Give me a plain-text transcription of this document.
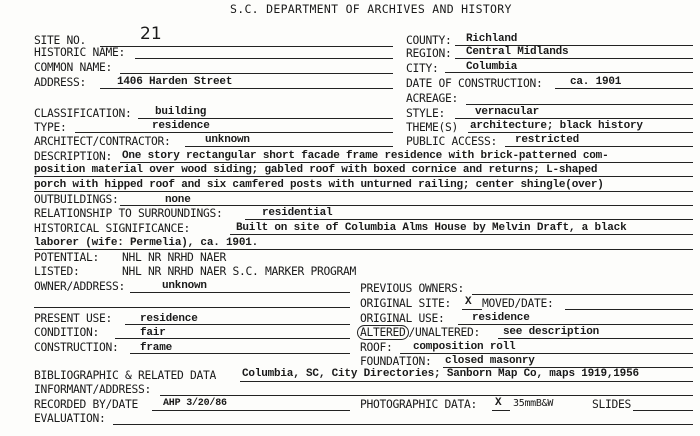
S.C. DEPARTMENT OF ARCHIVES AND HISTORY
SITE NO.	21
HISTORIC NAME:
COMMON NAME:
ADDRESS:	1406 Harden Street
COUNTY: Richland
REGION: Central Midlands
CITY: Columbia
DATE OF CONSTRUCTION: ca. 1901
ACREAGE:
CLASSIFICATION: building
TYPE:	residence
ARCHITECT/CONTRACTOR:	unknown
STYLE:	vernacular
THEME(S) architecture; black history
PUBLIC ACCESS: restricted
DESCRIPTION: One story rectangular short facade frame residence with brick-patterned com-
position material over wood siding; gabled roof with boxed cornice and returns; L-shaped
porch with hipped roof and six camfered posts with unturned railing; center shingle(over)
OUTBUILDINGS:	none
RELATIONSHIP TO SURROUNDINGS:	residential
HISTORICAL SIGNIFICANCE:	Built on site of Columbia Alms House by Melvin Draft, a black
laborer (wife: Permelia), ca. 1901.
POTENTIAL: NHL NR NRHD NAER
LISTED:	NHL NR NRHD NAER S.C. MARKER PROGRAM
OWNER/ADDRESS:	unknown	PREVIOUS OWNERS:
ORIGINAL SITE: X MOVED/DATE:
PRESENT USE:	residence	ORIGINAL USE: residence
CONDITION:	fair	ALTERED /UNALTERED: see description
CONSTRUCTION: frame	ROOF: composition roll
FOUNDATION: closed masonry
BIBLIOGRAPHIC & RELATED DATA Columbia, SC, City Directories; Sanborn Map Co, maps 1919,1956
INFORMANT/ADDRESS:
RECORDED BY/DATE AHP 3/20/86	PHOTOGRAPHIC DATA: X 35mmB&W	SLIDES
EVALUATION:
